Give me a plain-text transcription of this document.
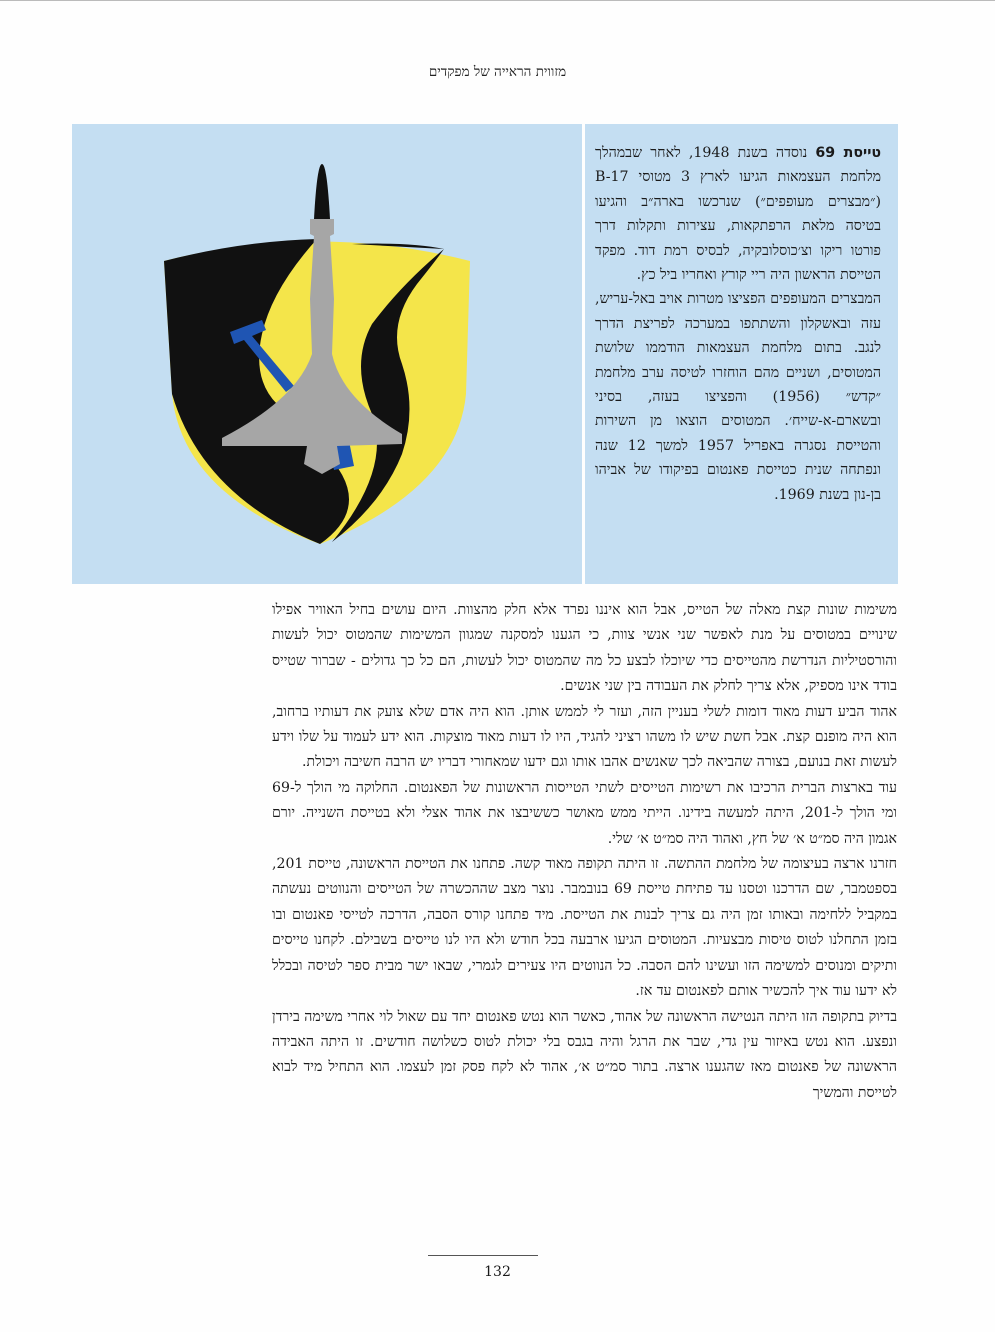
מזווית הראייה של מפקדים

טייסת 69 נוסדה בשנת 1948, לאחר שבמהלך מלחמת העצמאות הגיעו לארץ 3 מטוסי B-17 (״מבצרים מעופפים״) שנרכשו בארה״ב והגיעו בטיסה מלאת הרפתקאות, עצירות ותקלות דרך פורטו ריקו וצ׳כוסלובקיה, לבסיס רמת דוד. מפקד הטייסת הראשון היה ריי קורץ ואחריו ביל כץ.

המבצרים המעופפים הפציצו מטרות אויב באל-עריש, עזה ובאשקלון והשתתפו במערכה לפריצת הדרך לנגב. בתום מלחמת העצמאות הודממו שלושת המטוסים, ושניים מהם הוחזרו לטיסה ערב מלחמת ״קדש״ (1956) והפציצו בעזה, בסיני ובשארם-א-שייח׳. המטוסים הוצאו מן השירות והטייסת נסגרה באפריל 1957 למשך 12 שנה ונפתחה שנית כטייסת פאנטום בפיקודו של אביהו בן-נון בשנת 1969.

משימות שונות קצת מאלה של הטייס, אבל הוא איננו נפרד אלא חלק מהצוות. היום עושים בחיל האוויר אפילו שינויים במטוסים על מנת לאפשר שני אנשי צוות, כי הגענו למסקנה שמגוון המשימות שהמטוס יכול לעשות והורסטיליות הנדרשת מהטייסים כדי שיוכלו לבצע כל מה שהמטוס יכול לעשות, הם כל כך גדולים - שברור שטייס בודד אינו מספיק, אלא צריך לחלק את העבודה בין שני אנשים.

אהוד הביע דעות מאוד דומות לשלי בעניין הזה, ועזר לי לממש אותן. הוא היה אדם שלא צועק את דעותיו ברחוב, הוא היה מופנם קצת. אבל חשת שיש לו משהו רציני להגיד, היו לו דעות מאוד מוצקות. הוא ידע לעמוד על שלו וידע לעשות זאת בנועם, בצורה שהביאה לכך שאנשים אהבו אותו וגם ידעו שמאחורי דבריו יש הרבה חשיבה ויכולת.

עוד בארצות הברית הרכיבו את רשימות הטייסים לשתי הטייסות הראשונות של הפאנטום. החלוקה מי הולך ל-69 ומי הולך ל-201, היתה למעשה בידינו. הייתי ממש מאושר כששיבצו את אהוד אצלי ולא בטייסת השנייה. יורם אגמון היה סמ״ט א׳ של חץ, ואהוד היה סמ״ט א׳ שלי.

חזרנו ארצה בעיצומה של מלחמת ההתשה. זו היתה תקופה מאוד קשה. פתחנו את הטייסת הראשונה, טייסת 201, בספטמבר, שם הדרכנו וטסנו עד פתיחת טייסת 69 בנובמבר. נוצר מצב שההכשרה של הטייסים והנווטים נעשתה במקביל ללחימה ובאותו זמן היה גם צריך לבנות את הטייסת. מיד פתחנו קורס הסבה, הדרכה לטייסי פאנטום ובו בזמן התחלנו לטוס טיסות מבצעיות. המטוסים הגיעו ארבעה בכל חודש ולא היו לנו טייסים בשבילם. לקחנו טייסים ותיקים ומנוסים למשימה הזו ועשינו להם הסבה. כל הנווטים היו צעירים לגמרי, שבאו ישר מבית ספר לטיסה ובכלל לא ידעו עוד איך להכשיר אותם לפאנטום עד אז.

בדיוק בתקופה הזו היתה הנטישה הראשונה של אהוד, כאשר הוא נטש פאנטום יחד עם שאול לוי אחרי משימה בירדן ונפצע. הוא נטש באיזור עין גדי, שבר את הרגל והיה בגבס בלי יכולת לטוס כשלושה חודשים. זו היתה האבידה הראשונה של פאנטום מאז שהגענו ארצה. בתור סמ״ט א׳, אהוד לא לקח פסק זמן לעצמו. הוא התחיל מיד לבוא לטייסת והמשיך

132
